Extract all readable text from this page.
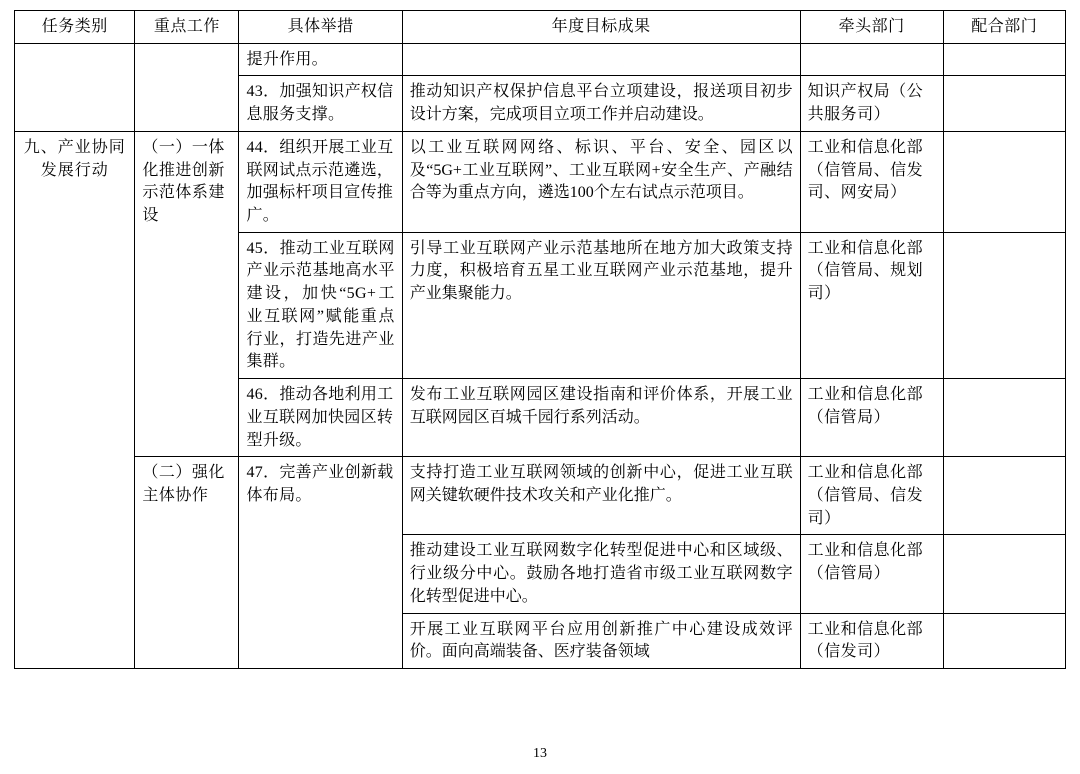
任务类别	重点工作	具体举措	年度目标成果	牵头部门	配合部门
		提升作用。			
		43．加强知识产权信息服务支撑。	推动知识产权保护信息平台立项建设，报送项目初步设计方案，完成项目立项工作并启动建设。	知识产权局（公共服务司）	
九、产业协同发展行动	（一）一体化推进创新示范体系建设	44．组织开展工业互联网试点示范遴选，加强标杆项目宣传推广。	以工业互联网网络、标识、平台、安全、园区以及“5G+工业互联网”、工业互联网+安全生产、产融结合等为重点方向，遴选100个左右试点示范项目。	工业和信息化部（信管局、信发司、网安局）	
		45．推动工业互联网产业示范基地高水平建设，加快“5G+工业互联网”赋能重点行业，打造先进产业集群。	引导工业互联网产业示范基地所在地方加大政策支持力度，积极培育五星工业互联网产业示范基地，提升产业集聚能力。	工业和信息化部（信管局、规划司）	
		46．推动各地利用工业互联网加快园区转型升级。	发布工业互联网园区建设指南和评价体系，开展工业互联网园区百城千园行系列活动。	工业和信息化部（信管局）	
	（二）强化主体协作	47．完善产业创新载体布局。	支持打造工业互联网领域的创新中心，促进工业互联网关键软硬件技术攻关和产业化推广。	工业和信息化部（信管局、信发司）	
			推动建设工业互联网数字化转型促进中心和区域级、行业级分中心。鼓励各地打造省市级工业互联网数字化转型促进中心。	工业和信息化部（信管局）	
			开展工业互联网平台应用创新推广中心建设成效评价。面向高端装备、医疗装备领域	工业和信息化部（信发司）	
13
